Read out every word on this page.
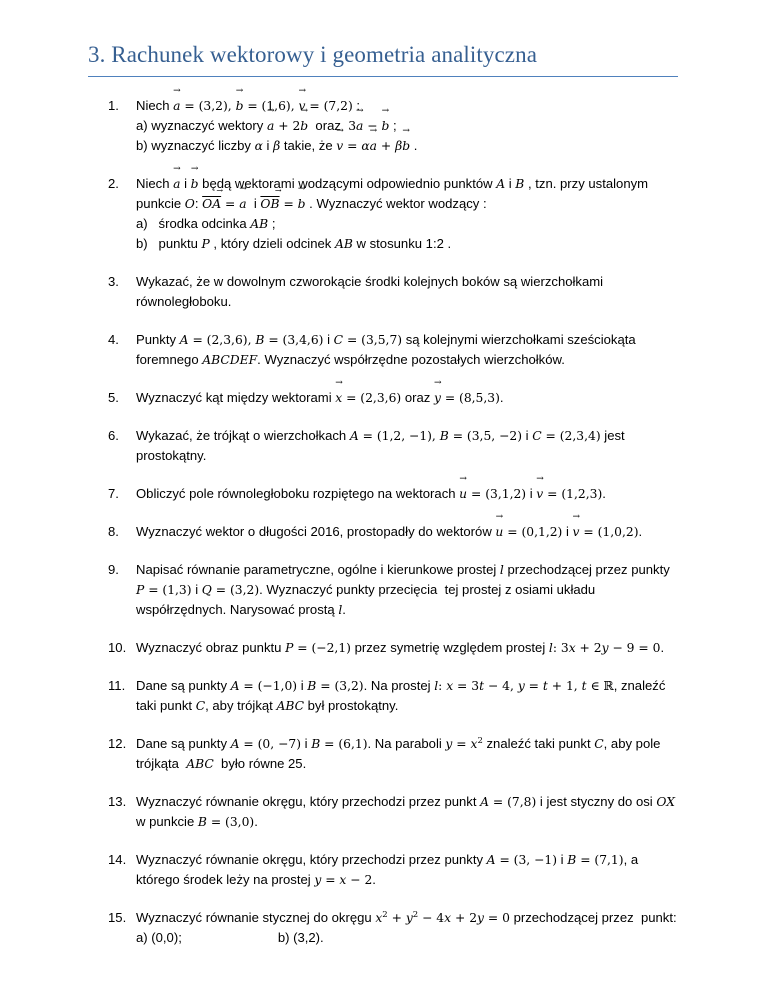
3. Rachunek wektorowy i geometria analityczna
1. Niech → a = (3,2), → b = (1,6), → v = (7,2) :
a) wyznaczyć wektory → a + 2→ b  oraz  3→ a − → b ;
b) wyznaczyć liczby α i β takie, że → v = α→ a + β→ b .
2. Niech → a i → b będą wektorami wodzącymi odpowiednio punktów A i B , tzn. przy ustalonym
punkcie O: → $\overline{OA}$ = → a  $i \to \overline{OB}$ = → b . Wyznaczyć wektor wodzący :
a)   środka odcinka AB ;
b)   punktu P , który dzieli odcinek AB w stosunku 1:2 .
3. Wykazać, że w dowolnym czworokącie środki kolejnych boków są wierzchołkami
równoległoboku.
4. Punkty A = (2,3,6), B = (3,4,6) i C = (3,5,7) są kolejnymi wierzchołkami sześciokąta
foremnego ABCDEF. Wyznaczyć współrzędne pozostałych wierzchołków.
5. Wyznaczyć kąt między wektorami → x = (2,3,6) oraz → y = (8,5,3).
6. Wykazać, że trójkąt o wierzchołkach A = (1,2, −1), B = (3,5, −2) i C = (2,3,4) jest
prostokątny.
7. Obliczyć pole równoległoboku rozpiętego na wektorach → u = (3,1,2) i → v = (1,2,3).
8. Wyznaczyć wektor o długości 2016, prostopadły do wektorów → u = (0,1,2) i → v = (1,0,2).
9. Napisać równanie parametryczne, ogólne i kierunkowe prostej l przechodzącej przez punkty
P = (1,3) i Q = (3,2). Wyznaczyć punkty przecięcia  tej prostej z osiami układu
współrzędnych. Narysować prostą l.
10. Wyznaczyć obraz punktu P = (−2,1) przez symetrię względem prostej l: 3x + 2y − 9 = 0.
11. Dane są punkty A = (−1,0) i B = (3,2). Na prostej l: x = 3t − 4, y = t + 1, t ∈ ℝ, znaleźć
taki punkt C, aby trójkąt ABC był prostokątny.
12. Dane są punkty A = (0, −7) i B = (6,1). Na paraboli $y = x^2$ znaleźć taki punkt C, aby pole
trójkąta  ABC  było równe 25.
13. Wyznaczyć równanie okręgu, który przechodzi przez punkt A = (7,8) i jest styczny do osi OX
w punkcie B = (3,0).
14. Wyznaczyć równanie okręgu, który przechodzi przez punkty A = (3, −1) i B = (7,1), a
którego środek leży na prostej y = x − 2.
15. Wyznaczyć równanie stycznej do okręgu $x^2 + y^2 - 4x + 2y = 0$ przechodzącej przez  punkt:
a) (0,0);	b) (3,2).
